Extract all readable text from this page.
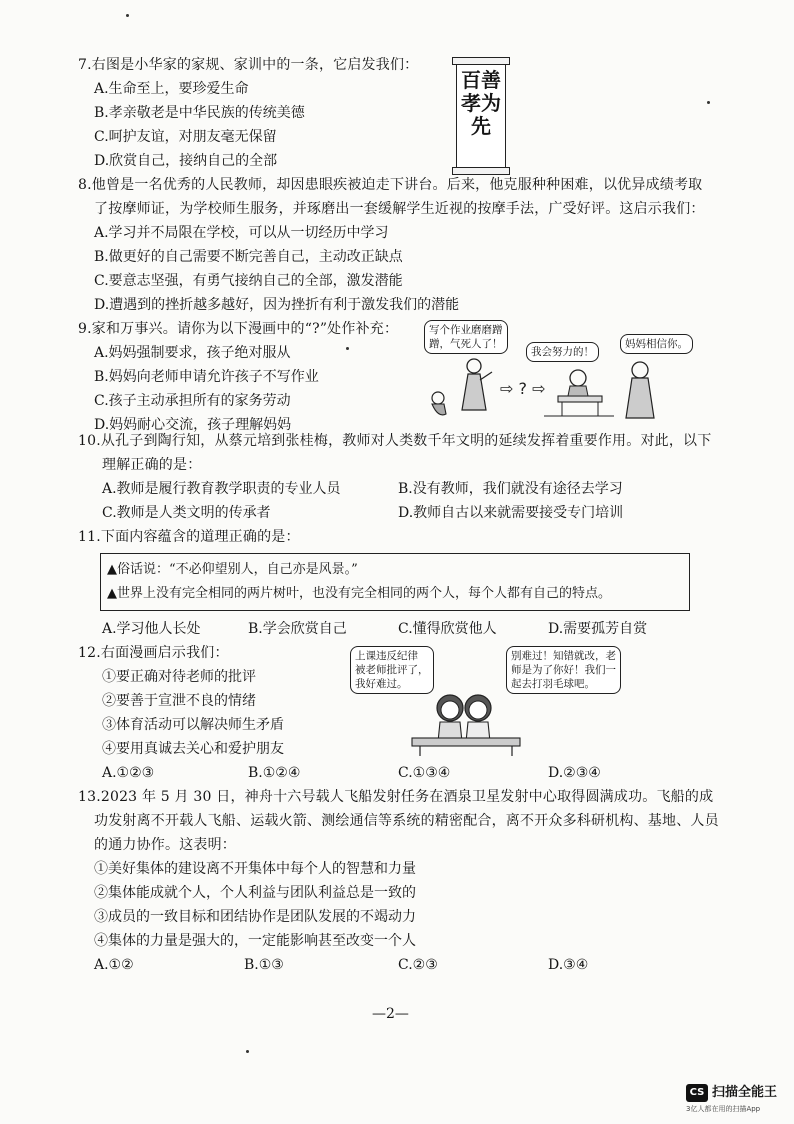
7.右图是小华家的家规、家训中的一条，它启发我们：
A.生命至上，要珍爱生命
B.孝亲敬老是中华民族的传统美德
C.呵护友谊，对朋友毫无保留
D.欣赏自己，接纳自己的全部
百善孝为先
8.他曾是一名优秀的人民教师，却因患眼疾被迫走下讲台。后来，他克服种种困难，以优异成绩考取
了按摩师证，为学校师生服务，并琢磨出一套缓解学生近视的按摩手法，广受好评。这启示我们：
A.学习并不局限在学校，可以从一切经历中学习
B.做更好的自己需要不断完善自己，主动改正缺点
C.要意志坚强，有勇气接纳自己的全部，激发潜能
D.遭遇到的挫折越多越好，因为挫折有利于激发我们的潜能
9.家和万事兴。请你为以下漫画中的“?”处作补充：
A.妈妈强制要求，孩子绝对服从
B.妈妈向老师申请允许孩子不写作业
C.孩子主动承担所有的家务劳动
D.妈妈耐心交流，孩子理解妈妈
写个作业磨磨蹭
蹭，气死人了！
我会努力的！
妈妈相信你。
⇨ ? ⇨
10.从孔子到陶行知，从蔡元培到张桂梅，教师对人类数千年文明的延续发挥着重要作用。对此，以下
理解正确的是：
A.教师是履行教育教学职责的专业人员	B.没有教师，我们就没有途径去学习
C.教师是人类文明的传承者	D.教师自古以来就需要接受专门培训
11.下面内容蕴含的道理正确的是：
▲俗话说：“不必仰望别人，自己亦是风景。”
▲世界上没有完全相同的两片树叶，也没有完全相同的两个人，每个人都有自己的特点。
A.学习他人长处	B.学会欣赏自己	C.懂得欣赏他人	D.需要孤芳自赏
12.右面漫画启示我们：
①要正确对待老师的批评
②要善于宣泄不良的情绪
③体育活动可以解决师生矛盾
④要用真诚去关心和爱护朋友
A.①②③	B.①②④	C.①③④	D.②③④
上课违反纪律
被老师批评了，
我好难过。
别难过！知错就改，老
师是为了你好！我们一
起去打羽毛球吧。
13.2023 年 5 月 30 日，神舟十六号载人飞船发射任务在酒泉卫星发射中心取得圆满成功。飞船的成
功发射离不开载人飞船、运载火箭、测绘通信等系统的精密配合，离不开众多科研机构、基地、人员
的通力协作。这表明：
①美好集体的建设离不开集体中每个人的智慧和力量
②集体能成就个人，个人利益与团队利益总是一致的
③成员的一致目标和团结协作是团队发展的不竭动力
④集体的力量是强大的，一定能影响甚至改变一个人
A.①②	B.①③	C.②③	D.③④
—2—
CS 扫描全能王
3亿人都在用的扫描App
